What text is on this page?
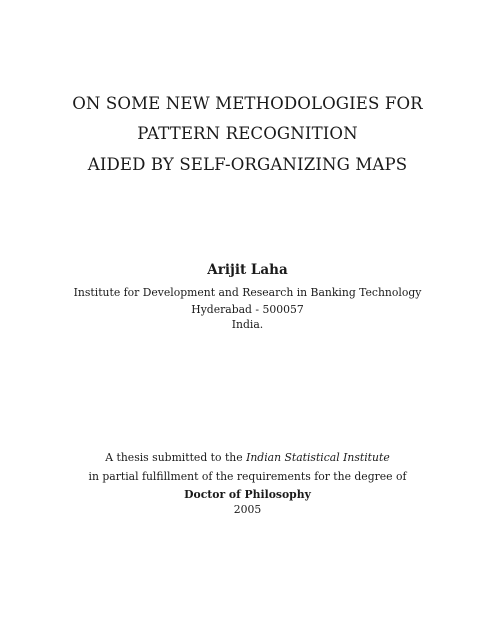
ON SOME NEW METHODOLOGIES FOR
PATTERN RECOGNITION
AIDED BY SELF-ORGANIZING MAPS
Arijit Laha
Institute for Development and Research in Banking Technology
Hyderabad - 500057
India.
A thesis submitted to the Indian Statistical Institute
in partial fulfillment of the requirements for the degree of
Doctor of Philosophy
2005
